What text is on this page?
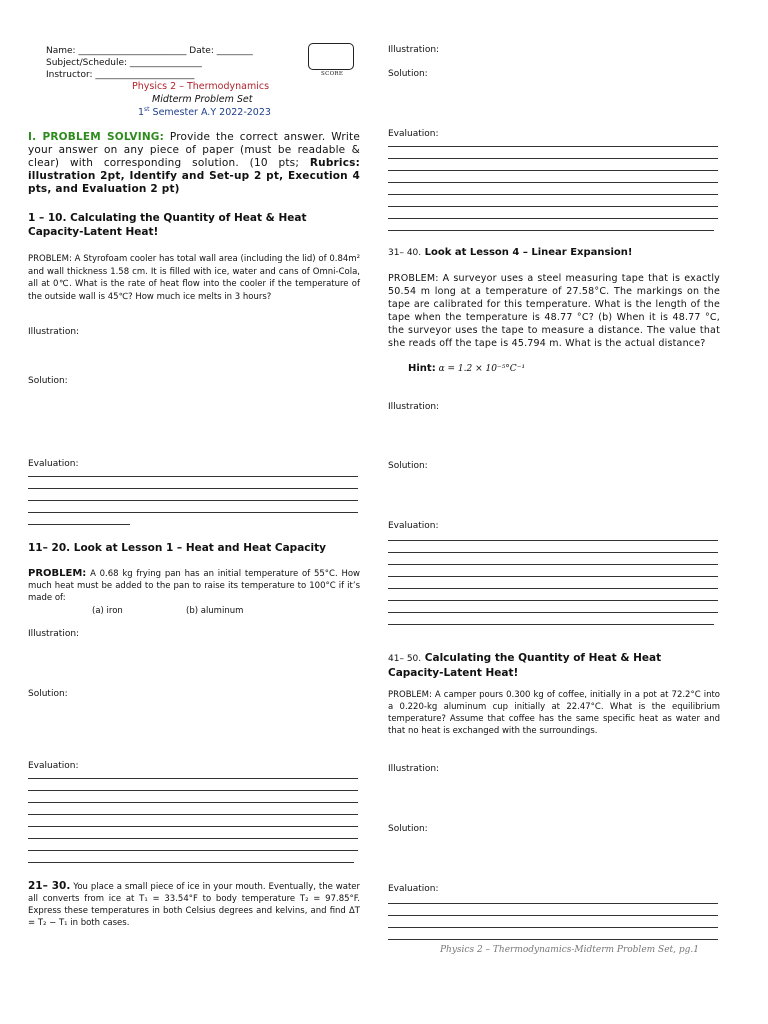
Name: ________________________ Date: ________
Subject/Schedule: ________________
Instructor: ______________________
Physics 2 – Thermodynamics
Midterm Problem Set
1st Semester A.Y 2022-2023
I. PROBLEM SOLVING: Provide the correct answer. Write your answer on any piece of paper (must be readable & clear) with corresponding solution. (10 pts; Rubrics: illustration 2pt, Identify and Set-up 2 pt, Execution 4 pts, and Evaluation 2 pt)
1 – 10. Calculating the Quantity of Heat & Heat Capacity-Latent Heat!
PROBLEM: A Styrofoam cooler has total wall area (including the lid) of 0.84m² and wall thickness 1.58 cm. It is filled with ice, water and cans of Omni-Cola, all at 0℃. What is the rate of heat flow into the cooler if the temperature of the outside wall is 45℃? How much ice melts in 3 hours?
Illustration:
Solution:
Evaluation:
11– 20. Look at Lesson 1 – Heat and Heat Capacity
PROBLEM: A 0.68 kg frying pan has an initial temperature of 55°C. How much heat must be added to the pan to raise its temperature to 100°C if it’s made of:
(a) iron	(b) aluminum
Illustration:
Solution:
Evaluation:
21– 30. You place a small piece of ice in your mouth. Eventually, the water all converts from ice at T₁ = 33.54°F to body temperature T₂ = 97.85°F. Express these temperatures in both Celsius degrees and kelvins, and find ΔT = T₂ − T₁ in both cases.
SCORE
Illustration:
Solution:
Evaluation:
31– 40. Look at Lesson 4 – Linear Expansion!
PROBLEM: A surveyor uses a steel measuring tape that is exactly 50.54 m long at a temperature of 27.58°C. The markings on the tape are calibrated for this temperature. What is the length of the tape when the temperature is 48.77 °C? (b) When it is 48.77 °C, the surveyor uses the tape to measure a distance. The value that she reads off the tape is 45.794 m. What is the actual distance?
Hint: α = 1.2 × 10⁻⁵°C⁻¹
Illustration:
Solution:
Evaluation:
41– 50. Calculating the Quantity of Heat & Heat Capacity-Latent Heat!
PROBLEM: A camper pours 0.300 kg of coffee, initially in a pot at 72.2°C into a 0.220-kg aluminum cup initially at 22.47°C. What is the equilibrium temperature? Assume that coffee has the same specific heat as water and that no heat is exchanged with the surroundings.
Illustration:
Solution:
Evaluation:
Physics 2 – Thermodynamics-Midterm Problem Set, pg.1
